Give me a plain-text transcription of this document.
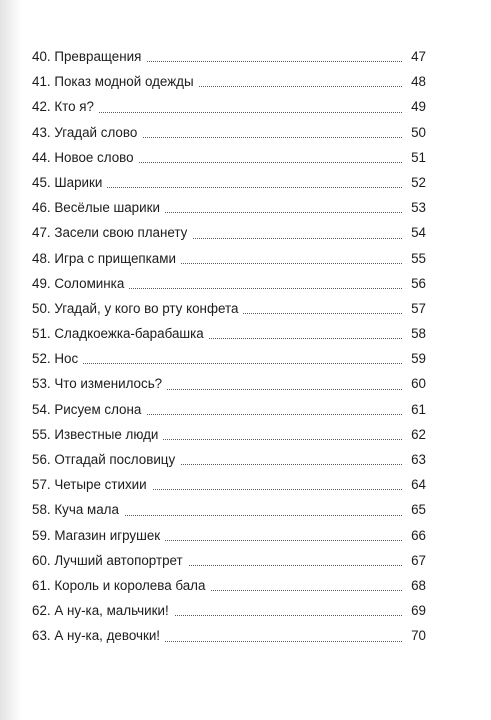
40. Превращения	47
41. Показ модной одежды	48
42. Кто я?	49
43. Угадай слово	50
44. Новое слово	51
45. Шарики	52
46. Весёлые шарики	53
47. Засели свою планету	54
48. Игра с прищепками	55
49. Соломинка	56
50. Угадай, у кого во рту конфета	57
51. Сладкоежка-барабашка	58
52. Нос	59
53. Что изменилось?	60
54. Рисуем слона	61
55. Известные люди	62
56. Отгадай пословицу	63
57. Четыре стихии	64
58. Куча мала	65
59. Магазин игрушек	66
60. Лучший автопортрет	67
61. Король и королева бала	68
62. А ну-ка, мальчики!	69
63. А ну-ка, девочки!	70
